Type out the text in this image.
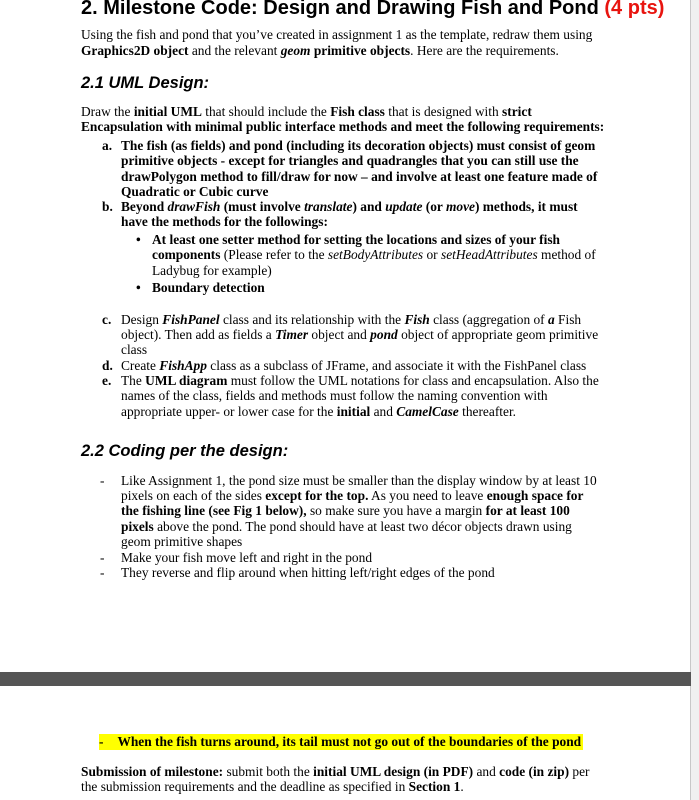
2. Milestone Code: Design and Drawing Fish and Pond (4 pts)
Using the fish and pond that you’ve created in assignment 1 as the template, redraw them using
Graphics2D object and the relevant geom primitive objects. Here are the requirements.
2.1 UML Design:
Draw the initial UML that should include the Fish class that is designed with strict
Encapsulation with minimal public interface methods and meet the following requirements:
a. The fish (as fields) and pond (including its decoration objects) must consist of geom
primitive objects - except for triangles and quadrangles that you can still use the
drawPolygon method to fill/draw for now – and involve at least one feature made of
Quadratic or Cubic curve
b. Beyond drawFish (must involve translate) and update (or move) methods, it must
have the methods for the followings:
• At least one setter method for setting the locations and sizes of your fish
components (Please refer to the setBodyAttributes or setHeadAttributes method of
Ladybug for example)
• Boundary detection
c. Design FishPanel class and its relationship with the Fish class (aggregation of a Fish
object). Then add as fields a Timer object and pond object of appropriate geom primitive
class
d. Create FishApp class as a subclass of JFrame, and associate it with the FishPanel class
e. The UML diagram must follow the UML notations for class and encapsulation. Also the
names of the class, fields and methods must follow the naming convention with
appropriate upper- or lower case for the initial and CamelCase thereafter.
2.2 Coding per the design:
- Like Assignment 1, the pond size must be smaller than the display window by at least 10
pixels on each of the sides except for the top. As you need to leave enough space for
the fishing line (see Fig 1 below), so make sure you have a margin for at least 100
pixels above the pond. The pond should have at least two décor objects drawn using
geom primitive shapes
- Make your fish move left and right in the pond
- They reverse and flip around when hitting left/right edges of the pond
- When the fish turns around, its tail must not go out of the boundaries of the pond
Submission of milestone: submit both the initial UML design (in PDF) and code (in zip) per
the submission requirements and the deadline as specified in Section 1.
